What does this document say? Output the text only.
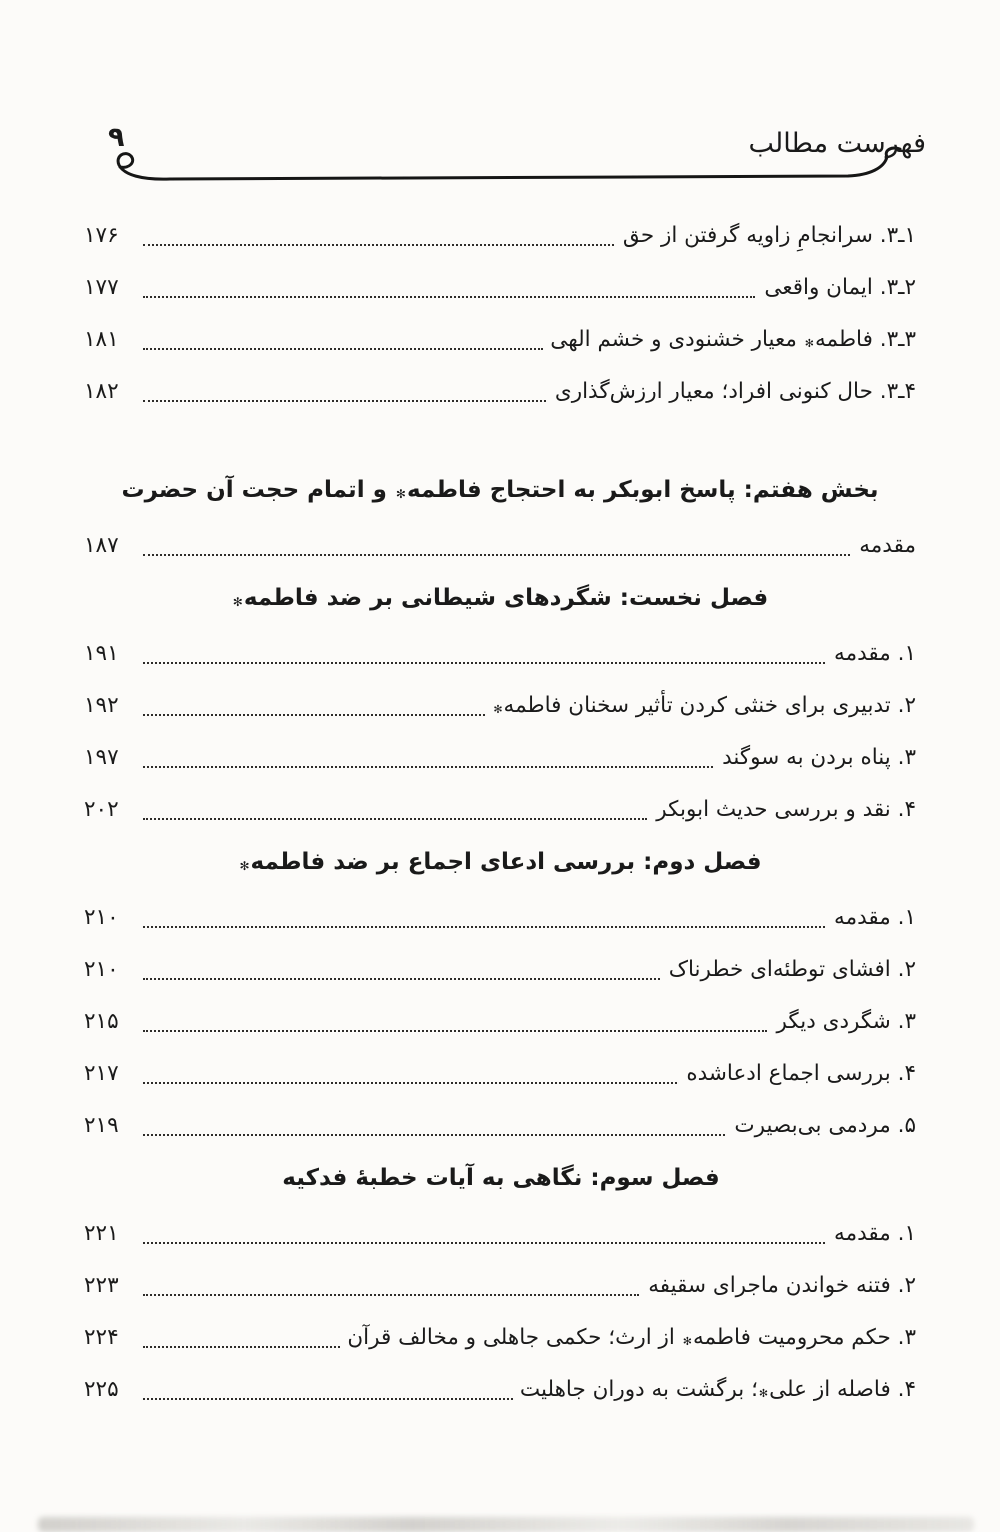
۹	فهرست مطالب
۱ـ۳. سرانجامِ زاویه گرفتن از حق
۱۷۶
۲ـ۳. ایمان واقعی
۱۷۷
۳ـ۳. فاطمه✻ معیار خشنودی و خشم الهی
۱۸۱
۴ـ۳. حال کنونی افراد؛ معیار ارزش‌گذاری
۱۸۲
بخش هفتم: پاسخ ابوبکر به احتجاج فاطمه✻ و اتمام حجت آن حضرت
مقدمه
۱۸۷
فصل نخست: شگردهای شیطانی بر ضد فاطمه✻
۱. مقدمه
۱۹۱
۲. تدبیری برای خنثی کردن تأثیر سخنان فاطمه✻
۱۹۲
۳. پناه بردن به سوگند
۱۹۷
۴. نقد و بررسی حدیث ابوبکر
۲۰۲
فصل دوم: بررسی ادعای اجماع بر ضد فاطمه✻
۱. مقدمه
۲۱۰
۲. افشای توطئه‌ای خطرناک
۲۱۰
۳. شگردی دیگر
۲۱۵
۴. بررسی اجماع ادعاشده
۲۱۷
۵. مردمی بی‌بصیرت
۲۱۹
فصل سوم: نگاهی به آیات خطبهٔ فدکیه
۱. مقدمه
۲۲۱
۲. فتنه خواندن ماجرای سقیفه
۲۲۳
۳. حکم محرومیت فاطمه✻ از ارث؛ حکمی جاهلی و مخالف قرآن
۲۲۴
۴. فاصله از علی✻؛ برگشت به دوران جاهلیت
۲۲۵
